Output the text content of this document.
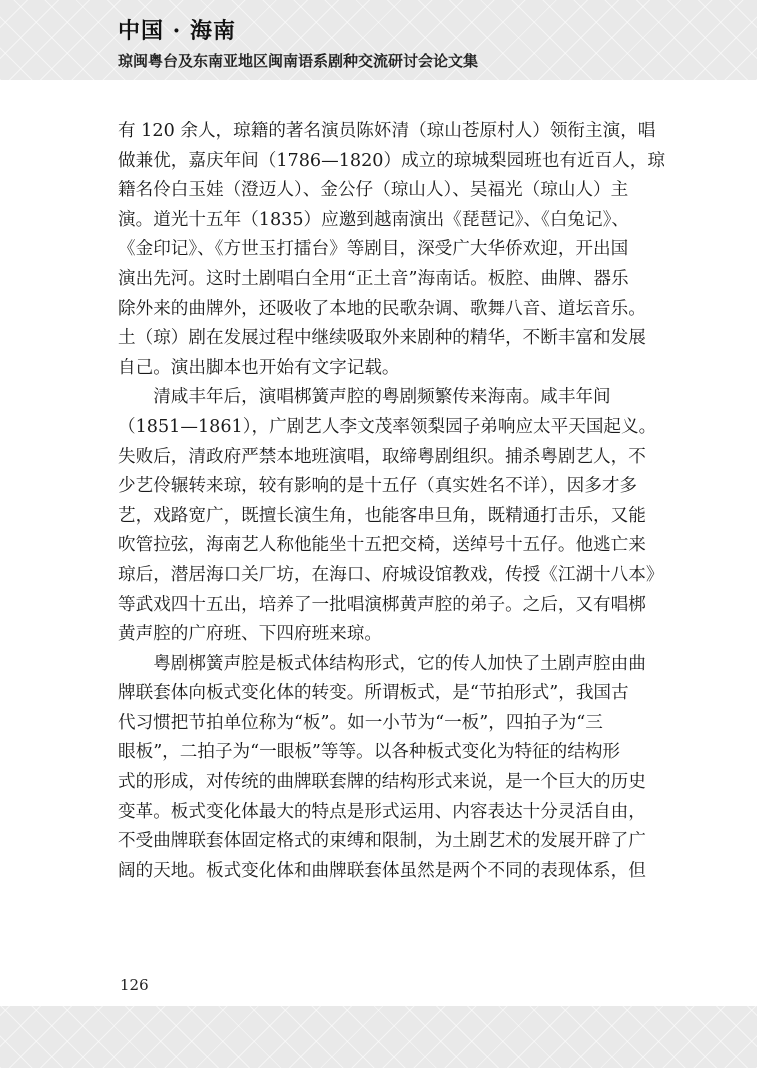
中国 · 海南
琼闽粤台及东南亚地区闽南语系剧种交流研讨会论文集
有 120 余人，琼籍的著名演员陈妚清（琼山苍原村人）领衔主演，唱
做兼优，嘉庆年间（1786—1820）成立的琼城梨园班也有近百人，琼
籍名伶白玉娃（澄迈人）、金公仔（琼山人）、吴福光（琼山人）主
演。道光十五年（1835）应邀到越南演出《琵琶记》、《白兔记》、
《金印记》、《方世玉打擂台》等剧目，深受广大华侨欢迎，开出国
演出先河。这时土剧唱白全用“正土音”海南话。板腔、曲牌、器乐
除外来的曲牌外，还吸收了本地的民歌杂调、歌舞八音、道坛音乐。
土（琼）剧在发展过程中继续吸取外来剧种的精华，不断丰富和发展
自己。演出脚本也开始有文字记载。
清咸丰年后，演唱梆簧声腔的粤剧频繁传来海南。咸丰年间
（1851—1861），广剧艺人李文茂率领梨园子弟响应太平天国起义。
失败后，清政府严禁本地班演唱，取缔粤剧组织。捕杀粤剧艺人，不
少艺伶辗转来琼，较有影响的是十五仔（真实姓名不详），因多才多
艺，戏路宽广，既擅长演生角，也能客串旦角，既精通打击乐，又能
吹管拉弦，海南艺人称他能坐十五把交椅，送绰号十五仔。他逃亡来
琼后，潜居海口关厂坊，在海口、府城设馆教戏，传授《江湖十八本》
等武戏四十五出，培养了一批唱演梆黄声腔的弟子。之后，又有唱梆
黄声腔的广府班、下四府班来琼。
粤剧梆簧声腔是板式体结构形式，它的传人加快了土剧声腔由曲
牌联套体向板式变化体的转变。所谓板式，是“节拍形式”，我国古
代习惯把节拍单位称为“板”。如一小节为“一板”，四拍子为“三
眼板”，二拍子为“一眼板”等等。以各种板式变化为特征的结构形
式的形成，对传统的曲牌联套牌的结构形式来说，是一个巨大的历史
变革。板式变化体最大的特点是形式运用、内容表达十分灵活自由，
不受曲牌联套体固定格式的束缚和限制，为土剧艺术的发展开辟了广
阔的天地。板式变化体和曲牌联套体虽然是两个不同的表现体系，但
126
